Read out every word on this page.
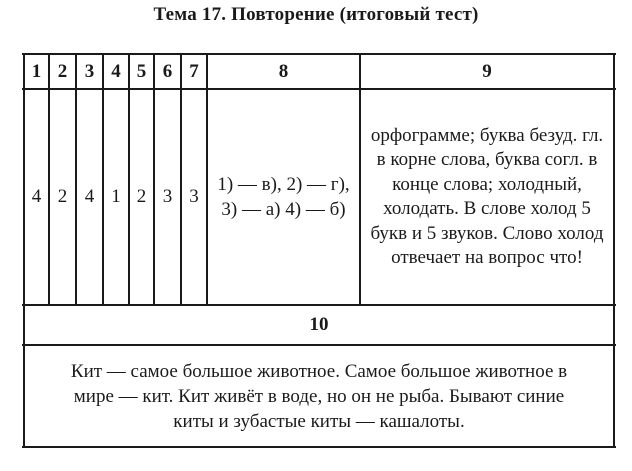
Тема 17. Повторение (итоговый тест)
1 2 3 4 5 6 7	8	9
4 2 4 1 2 3 3
1) — в), 2) — г), 3) — а) 4) — б)
орфограмме; буква безуд. гл. в корне слова, буква согл. в конце слова; холодный, холодать. В слове холод 5 букв и 5 звуков. Слово холод отвечает на вопрос что!
10
Кит — самое большое животное. Самое большое животное в мире — кит. Кит живёт в воде, но он не рыба. Бывают синие киты и зубастые киты — кашалоты.
